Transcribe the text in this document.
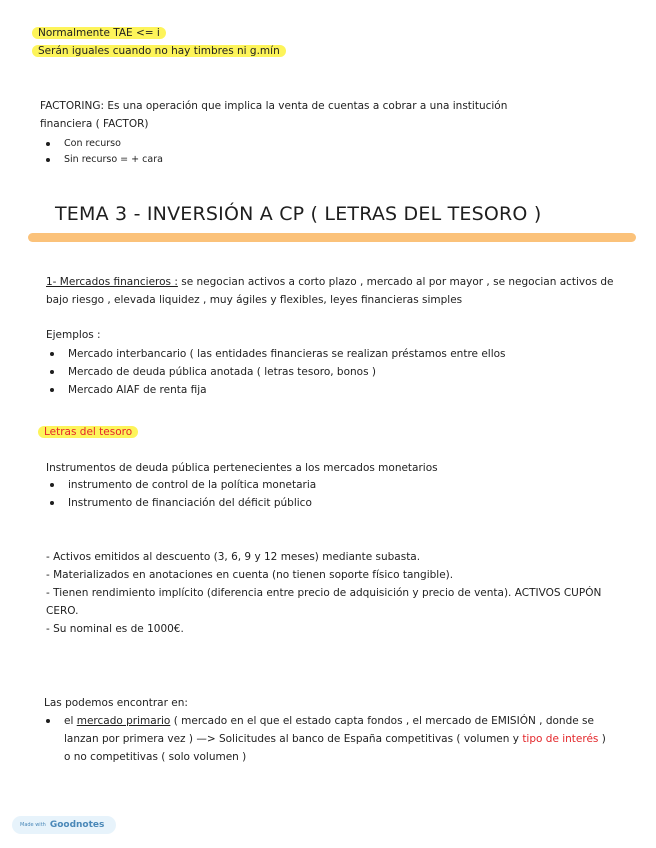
Normalmente TAE <= i
Serán iguales cuando no hay timbres ni g.mín
FACTORING: Es una operación que implica la venta de cuentas a cobrar a una institución financiera ( FACTOR)
Con recurso
Sin recurso = + cara
TEMA 3 - INVERSIÓN A CP ( LETRAS DEL TESORO )
1- Mercados financieros : se negocian activos a corto plazo , mercado al por mayor , se negocian activos de bajo riesgo , elevada liquidez , muy ágiles y flexibles, leyes financieras simples
Ejemplos :
Mercado interbancario ( las entidades financieras se realizan préstamos entre ellos
Mercado de deuda pública anotada ( letras tesoro, bonos )
Mercado AIAF de renta fija
Letras del tesoro
Instrumentos de deuda pública pertenecientes a los mercados monetarios
instrumento de control de la política monetaria
Instrumento de financiación del déficit público
- Activos emitidos al descuento (3, 6, 9 y 12 meses) mediante subasta.
- Materializados en anotaciones en cuenta (no tienen soporte físico tangible).
- Tienen rendimiento implícito (diferencia entre precio de adquisición y precio de venta). ACTIVOS CUPÓN CERO.
- Su nominal es de 1000€.
Las podemos encontrar en:
el mercado primario ( mercado en el que el estado capta fondos , el mercado de EMISIÓN , donde se lanzan por primera vez ) —> Solicitudes al banco de España competitivas ( volumen y tipo de interés ) o no competitivas ( solo volumen )
Made with Goodnotes
